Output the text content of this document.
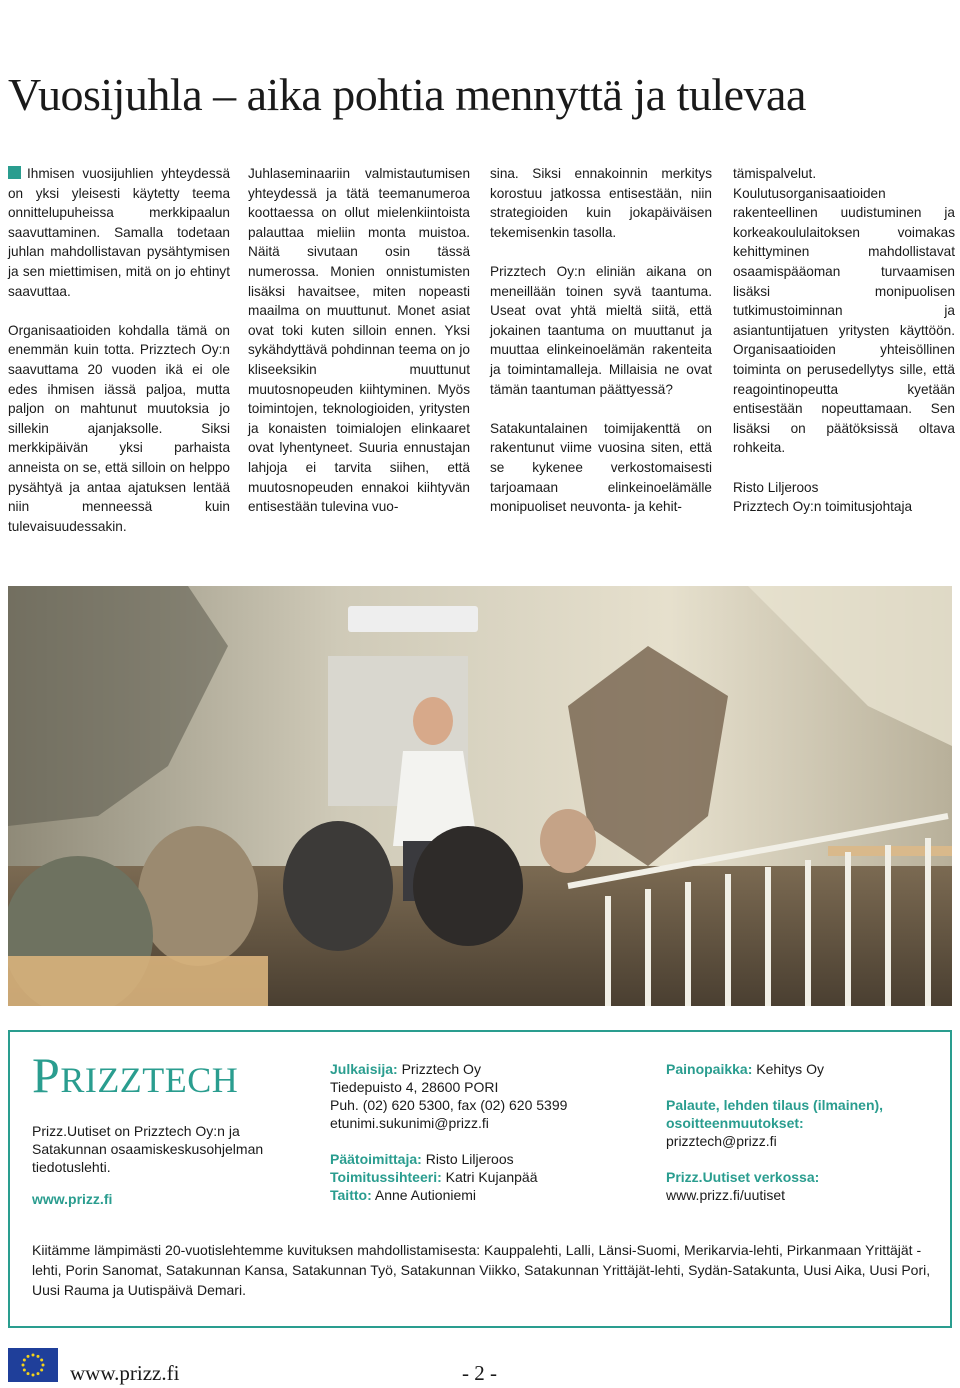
Vuosijuhla – aika pohtia mennyttä ja tulevaa

Ihmisen vuosijuhlien yhteydessä on yksi yleisesti käytetty teema onnittelupuheissa merkkipaalun saavuttaminen. Samalla todetaan juhlan mahdollistavan pysähtymisen ja sen miettimisen, mitä on jo ehtinyt saavuttaa.

Organisaatioiden kohdalla tämä on enemmän kuin totta. Prizztech Oy:n saavuttama 20 vuoden ikä ei ole edes ihmisen iässä paljoa, mutta paljon on mahtunut muutoksia jo sillekin ajanjaksolle. Siksi merkkipäivän yksi parhaista anneista on se, että silloin on helppo pysähtyä ja antaa ajatuksen lentää niin menneessä kuin tulevaisuudessakin.

Juhlaseminaariin valmistautumisen yhteydessä ja tätä teemanumeroa koottaessa on ollut mielenkiintoista palauttaa mieliin monta muistoa. Näitä sivutaan osin tässä numerossa. Monien onnistumisten lisäksi havaitsee, miten nopeasti maailma on muuttunut. Monet asiat ovat toki kuten silloin ennen. Yksi sykähdyttävä pohdinnan teema on jo kliseeksikin muuttunut muutosnopeuden kiihtyminen. Myös toimintojen, teknologioiden, yritysten ja konaisten toimialojen elinkaaret ovat lyhentyneet. Suuria ennustajan lahjoja ei tarvita siihen, että muutosnopeuden ennakoi kiihtyvän entisestään tulevina vuo-

sina. Siksi ennakoinnin merkitys korostuu jatkossa entisestään, niin strategioiden kuin jokapäiväisen tekemisenkin tasolla.

Prizztech Oy:n eliniän aikana on meneillään toinen syvä taantuma. Useat ovat yhtä mieltä siitä, että jokainen taantuma on muuttanut ja muuttaa elinkeinoelämän rakenteita ja toimintamalleja. Millaisia ne ovat tämän taantuman päättyessä?

Satakuntalainen toimijakenttä on rakentunut viime vuosina siten, että se kykenee verkostomaisesti tarjoamaan elinkeinoelämälle monipuoliset neuvonta- ja kehit-

tämispalvelut. Koulutusorganisaatioiden rakenteellinen uudistuminen ja korkeakoululaitoksen voimakas kehittyminen mahdollistavat osaamispääoman turvaamisen lisäksi monipuolisen tutkimustoiminnan ja asiantuntijatuen yritysten käyttöön. Organisaatioiden yhteisöllinen toiminta on perusedellytys sille, että reagointinopeutta kyetään entisestään nopeuttamaan. Sen lisäksi on päätöksissä oltava rohkeita.

Risto Liljeroos

Prizztech Oy:n toimitusjohtaja

PRIZZTECH

Prizz.Uutiset on Prizztech Oy:n ja Satakunnan osaamiskeskusohjelman tiedotuslehti.

www.prizz.fi
Julkaisija: Prizztech Oy
Tiedepuisto 4, 28600 PORI
Puh. (02) 620 5300, fax (02) 620 5399
etunimi.sukunimi@prizz.fi
Päätoimittaja: Risto Liljeroos
Toimitussihteeri: Katri Kujanpää
Taitto: Anne Autioniemi
Painopaikka: Kehitys Oy
Palaute, lehden tilaus (ilmainen),
osoitteenmuutokset:
prizztech@prizz.fi
Prizz.Uutiset verkossa:
www.prizz.fi/uutiset

Kiitämme lämpimästi 20-vuotislehtemme kuvituksen mahdollistamisesta: Kauppalehti, Lalli, Länsi-Suomi, Merikarvia-lehti, Pirkanmaan Yrittäjät -lehti, Porin Sanomat, Satakunnan Kansa, Satakunnan Työ, Satakunnan Viikko, Satakunnan Yrittäjät-lehti, Sydän-Satakunta, Uusi Aika, Uusi Pori, Uusi Rauma ja Uutispäivä Demari.

www.prizz.fi	- 2 -
